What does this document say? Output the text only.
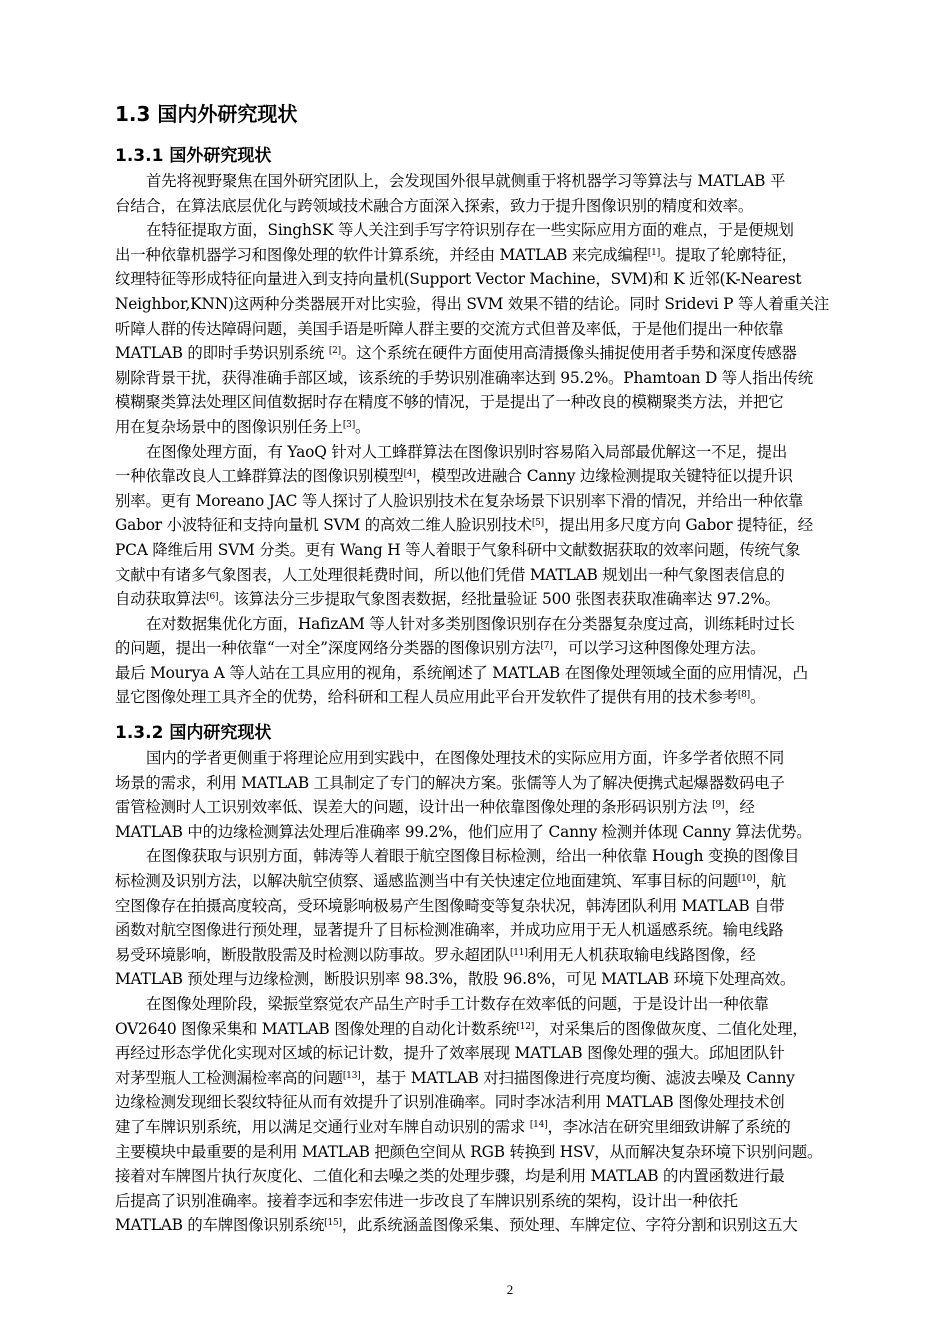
1.3 国内外研究现状
1.3.1 国外研究现状
首先将视野聚焦在国外研究团队上，会发现国外很早就侧重于将机器学习等算法与 MATLAB 平
台结合，在算法底层优化与跨领域技术融合方面深入探索，致力于提升图像识别的精度和效率。
在特征提取方面，SinghSK 等人关注到手写字符识别存在一些实际应用方面的难点，于是便规划
出一种依靠机器学习和图像处理的软件计算系统，并经由 MATLAB 来完成编程[1]。提取了轮廓特征，
纹理特征等形成特征向量进入到支持向量机(Support Vector Machine，SVM)和 K 近邻(K-Nearest
Neighbor,KNN)这两种分类器展开对比实验，得出 SVM 效果不错的结论。同时 Sridevi P 等人着重关注
听障人群的传达障碍问题，美国手语是听障人群主要的交流方式但普及率低，于是他们提出一种依靠
MATLAB 的即时手势识别系统 [2]。这个系统在硬件方面使用高清摄像头捕捉使用者手势和深度传感器
剔除背景干扰，获得准确手部区域，该系统的手势识别准确率达到 95.2%。Phamtoan D 等人指出传统
模糊聚类算法处理区间值数据时存在精度不够的情况，于是提出了一种改良的模糊聚类方法，并把它
用在复杂场景中的图像识别任务上[3]。
在图像处理方面，有 YaoQ 针对人工蜂群算法在图像识别时容易陷入局部最优解这一不足，提出
一种依靠改良人工蜂群算法的图像识别模型[4]，模型改进融合 Canny 边缘检测提取关键特征以提升识
别率。更有 Moreano JAC 等人探讨了人脸识别技术在复杂场景下识别率下滑的情况，并给出一种依靠
Gabor 小波特征和支持向量机 SVM 的高效二维人脸识别技术[5]，提出用多尺度方向 Gabor 提特征，经
PCA 降维后用 SVM 分类。更有 Wang H 等人着眼于气象科研中文献数据获取的效率问题，传统气象
文献中有诸多气象图表，人工处理很耗费时间，所以他们凭借 MATLAB 规划出一种气象图表信息的
自动获取算法[6]。该算法分三步提取气象图表数据，经批量验证 500 张图表获取准确率达 97.2%。
在对数据集优化方面，HafizAM 等人针对多类别图像识别存在分类器复杂度过高，训练耗时过长
的问题，提出一种依靠“一对全”深度网络分类器的图像识别方法[7]，可以学习这种图像处理方法。
最后 Mourya A 等人站在工具应用的视角，系统阐述了 MATLAB 在图像处理领域全面的应用情况，凸
显它图像处理工具齐全的优势，给科研和工程人员应用此平台开发软件了提供有用的技术参考[8]。
1.3.2 国内研究现状
国内的学者更侧重于将理论应用到实践中，在图像处理技术的实际应用方面，许多学者依照不同
场景的需求，利用 MATLAB 工具制定了专门的解决方案。张儒等人为了解决便携式起爆器数码电子
雷管检测时人工识别效率低、误差大的问题，设计出一种依靠图像处理的条形码识别方法 [9]，经
MATLAB 中的边缘检测算法处理后准确率 99.2%，他们应用了 Canny 检测并体现 Canny 算法优势。
在图像获取与识别方面，韩涛等人着眼于航空图像目标检测，给出一种依靠 Hough 变换的图像目
标检测及识别方法，以解决航空侦察、遥感监测当中有关快速定位地面建筑、军事目标的问题[10]，航
空图像存在拍摄高度较高，受环境影响极易产生图像畸变等复杂状况，韩涛团队利用 MATLAB 自带
函数对航空图像进行预处理，显著提升了目标检测准确率，并成功应用于无人机遥感系统。输电线路
易受环境影响，断股散股需及时检测以防事故。罗永超团队[11]利用无人机获取输电线路图像，经
MATLAB 预处理与边缘检测，断股识别率 98.3%，散股 96.8%，可见 MATLAB 环境下处理高效。
在图像处理阶段，梁振堂察觉农产品生产时手工计数存在效率低的问题，于是设计出一种依靠
OV2640 图像采集和 MATLAB 图像处理的自动化计数系统[12]，对采集后的图像做灰度、二值化处理，
再经过形态学优化实现对区域的标记计数，提升了效率展现 MATLAB 图像处理的强大。邱旭团队针
对茅型瓶人工检测漏检率高的问题[13]，基于 MATLAB 对扫描图像进行亮度均衡、滤波去噪及 Canny
边缘检测发现细长裂纹特征从而有效提升了识别准确率。同时李冰洁利用 MATLAB 图像处理技术创
建了车牌识别系统，用以满足交通行业对车牌自动识别的需求 [14]，李冰洁在研究里细致讲解了系统的
主要模块中最重要的是利用 MATLAB 把颜色空间从 RGB 转换到 HSV，从而解决复杂环境下识别问题。
接着对车牌图片执行灰度化、二值化和去噪之类的处理步骤，均是利用 MATLAB 的内置函数进行最
后提高了识别准确率。接着李远和李宏伟进一步改良了车牌识别系统的架构，设计出一种依托
MATLAB 的车牌图像识别系统[15]，此系统涵盖图像采集、预处理、车牌定位、字符分割和识别这五大
2
